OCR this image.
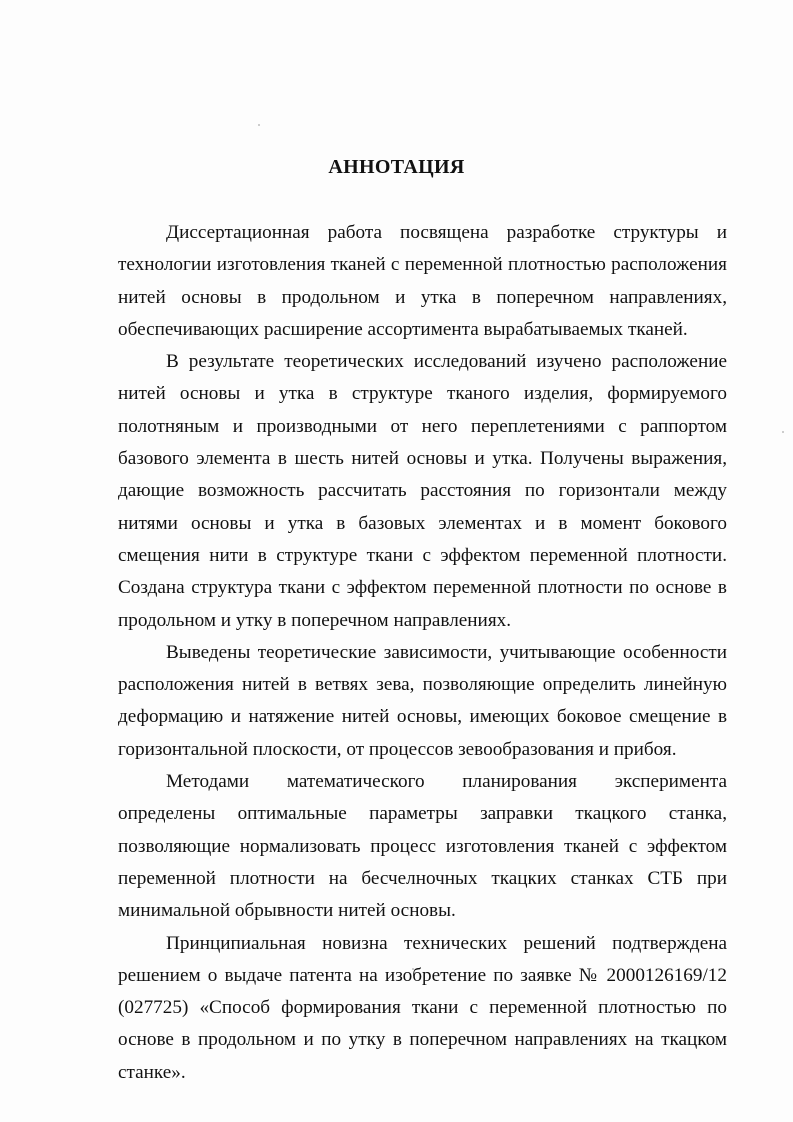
АННОТАЦИЯ

Диссертационная работа посвящена разработке структуры и технологии изготовления тканей с переменной плотностью расположения нитей основы в продольном и утка в поперечном направлениях, обеспечивающих расширение ассортимента вырабатываемых тканей.

В результате теоретических исследований изучено расположение нитей основы и утка в структуре тканого изделия, формируемого полотняным и производными от него переплетениями с раппортом базового элемента в шесть нитей основы и утка. Получены выражения, дающие возможность рассчитать расстояния по горизонтали между нитями основы и утка в базовых элементах и в момент бокового смещения нити в структуре ткани с эффектом переменной плотности. Создана структура ткани с эффектом переменной плотности по основе в продольном и утку в поперечном направлениях.

Выведены теоретические зависимости, учитывающие особенности расположения нитей в ветвях зева, позволяющие определить линейную деформацию и натяжение нитей основы, имеющих боковое смещение в горизонтальной плоскости, от процессов зевообразования и прибоя.

Методами математического планирования эксперимента определены оптимальные параметры заправки ткацкого станка, позволяющие нормализовать процесс изготовления тканей с эффектом переменной плотности на бесчелночных ткацких станках СТБ при минимальной обрывности нитей основы.

Принципиальная новизна технических решений подтверждена решением о выдаче патента на изобретение по заявке № 2000126169/12 (027725) «Способ формирования ткани с переменной плотностью по основе в продольном и по утку в поперечном направлениях на ткацком станке».
